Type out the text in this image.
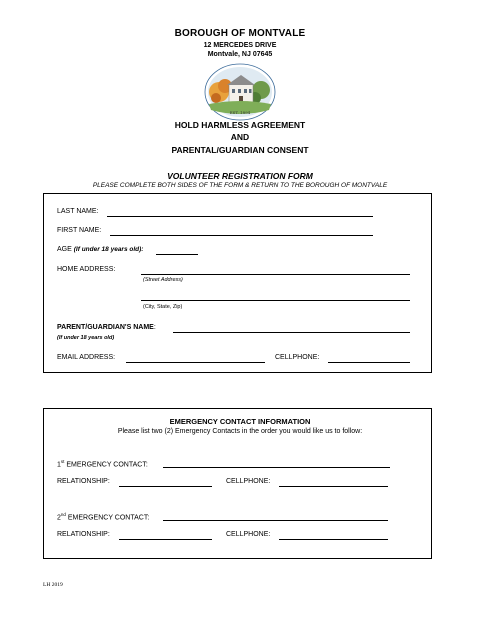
BOROUGH OF MONTVALE
12 MERCEDES DRIVE
Montvale, NJ 07645
EST. 1894
HOLD HARMLESS AGREEMENT
AND
PARENTAL/GUARDIAN CONSENT
VOLUNTEER REGISTRATION FORM
PLEASE COMPLETE BOTH SIDES OF THE FORM & RETURN TO THE BOROUGH OF MONTVALE
LAST NAME:
FIRST NAME:
AGE (If under 18 years old):
HOME ADDRESS:
(Street Address)
(City, State, Zip)
PARENT/GUARDIAN'S NAME:
(If under 18 years old)
EMAIL ADDRESS:	CELLPHONE:
EMERGENCY CONTACT INFORMATION
Please list two (2) Emergency Contacts in the order you would like us to follow:
1st EMERGENCY CONTACT:
RELATIONSHIP:	CELLPHONE:
2nd EMERGENCY CONTACT:
RELATIONSHIP:	CELLPHONE:
LH 2019
